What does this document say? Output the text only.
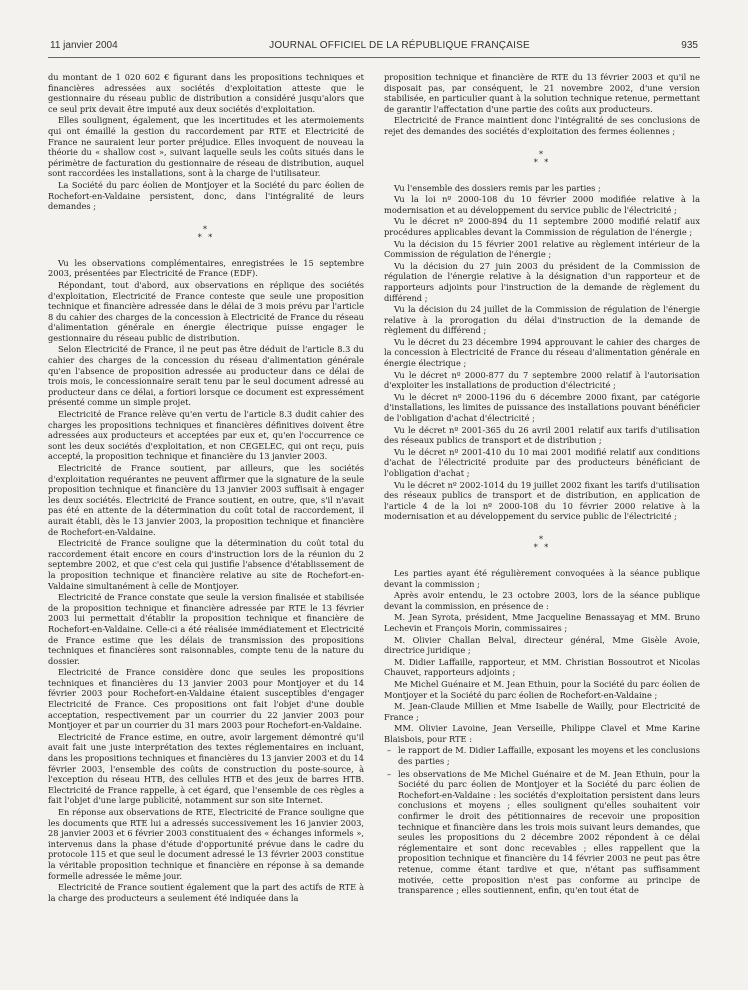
11 janvier 2004	JOURNAL OFFICIEL DE LA RÉPUBLIQUE FRANÇAISE	935

du montant de 1 020 602 € figurant dans les propositions techniques et financières adressées aux sociétés d'exploitation atteste que le gestionnaire du réseau public de distribution a considéré jusqu'alors que ce seul prix devait être imputé aux deux sociétés d'exploitation.

Elles soulignent, également, que les incertitudes et les atermoiements qui ont émaillé la gestion du raccordement par RTE et Electricité de France ne sauraient leur porter préjudice. Elles invoquent de nouveau la théorie du « shallow cost », suivant laquelle seuls les coûts situés dans le périmètre de facturation du gestionnaire de réseau de distribution, auquel sont raccordées les installations, sont à la charge de l'utilisateur.

La Société du parc éolien de Montjoyer et la Société du parc éolien de Rochefort-en-Valdaine persistent, donc, dans l'intégralité de leurs demandes ;

*
* *

Vu les observations complémentaires, enregistrées le 15 septembre 2003, présentées par Electricité de France (EDF).

Répondant, tout d'abord, aux observations en réplique des sociétés d'exploitation, Electricité de France conteste que seule une proposition technique et financière adressée dans le délai de 3 mois prévu par l'article 8 du cahier des charges de la concession à Electricité de France du réseau d'alimentation générale en énergie électrique puisse engager le gestionnaire du réseau public de distribution.

Selon Electricité de France, il ne peut pas être déduit de l'article 8.3 du cahier des charges de la concession du réseau d'alimentation générale qu'en l'absence de proposition adressée au producteur dans ce délai de trois mois, le concessionnaire serait tenu par le seul document adressé au producteur dans ce délai, a fortiori lorsque ce document est expressément présenté comme un simple projet.

Electricité de France relève qu'en vertu de l'article 8.3 dudit cahier des charges les propositions techniques et financières définitives doivent être adressées aux producteurs et acceptées par eux et, qu'en l'occurrence ce sont les deux sociétés d'exploitation, et non CEGELEC, qui ont reçu, puis accepté, la proposition technique et financière du 13 janvier 2003.

Electricité de France soutient, par ailleurs, que les sociétés d'exploitation requérantes ne peuvent affirmer que la signature de la seule proposition technique et financière du 13 janvier 2003 suffisait à engager les deux sociétés. Electricité de France soutient, en outre, que, s'il n'avait pas été en attente de la détermination du coût total de raccordement, il aurait établi, dès le 13 janvier 2003, la proposition technique et financière de Rochefort-en-Valdaine.

Electricité de France souligne que la détermination du coût total du raccordement était encore en cours d'instruction lors de la réunion du 2 septembre 2002, et que c'est cela qui justifie l'absence d'établissement de la proposition technique et financière relative au site de Rochefort-en-Valdaine simultanément à celle de Montjoyer.

Electricité de France constate que seule la version finalisée et stabilisée de la proposition technique et financière adressée par RTE le 13 février 2003 lui permettait d'établir la proposition technique et financière de Rochefort-en-Valdaine. Celle-ci a été réalisée immédiatement et Electricité de France estime que les délais de transmission des propositions techniques et financières sont raisonnables, compte tenu de la nature du dossier.

Electricité de France considère donc que seules les propositions techniques et financières du 13 janvier 2003 pour Montjoyer et du 14 février 2003 pour Rochefort-en-Valdaine étaient susceptibles d'engager Electricité de France. Ces propositions ont fait l'objet d'une double acceptation, respectivement par un courrier du 22 janvier 2003 pour Montjoyer et par un courrier du 31 mars 2003 pour Rochefort-en-Valdaine.

Electricité de France estime, en outre, avoir largement démontré qu'il avait fait une juste interprétation des textes réglementaires en incluant, dans les propositions techniques et financières du 13 janvier 2003 et du 14 février 2003, l'ensemble des coûts de construction du poste-source, à l'exception du réseau HTB, des cellules HTB et des jeux de barres HTB. Electricité de France rappelle, à cet égard, que l'ensemble de ces règles a fait l'objet d'une large publicité, notamment sur son site Internet.

En réponse aux observations de RTE, Electricité de France souligne que les documents que RTE lui a adressés successivement les 16 janvier 2003, 28 janvier 2003 et 6 février 2003 constituaient des « échanges informels », intervenus dans la phase d'étude d'opportunité prévue dans le cadre du protocole 115 et que seul le document adressé le 13 février 2003 constitue la véritable proposition technique et financière en réponse à sa demande formelle adressée le même jour.

Electricité de France soutient également que la part des actifs de RTE à la charge des producteurs a seulement été indiquée dans la

proposition technique et financière de RTE du 13 février 2003 et qu'il ne disposait pas, par conséquent, le 21 novembre 2002, d'une version stabilisée, en particulier quant à la solution technique retenue, permettant de garantir l'affectation d'une partie des coûts aux producteurs.

Electricité de France maintient donc l'intégralité de ses conclusions de rejet des demandes des sociétés d'exploitation des fermes éoliennes ;

*
* *

Vu l'ensemble des dossiers remis par les parties ;

Vu la loi nº 2000-108 du 10 février 2000 modifiée relative à la modernisation et au développement du service public de l'électricité ;

Vu le décret nº 2000-894 du 11 septembre 2000 modifié relatif aux procédures applicables devant la Commission de régulation de l'énergie ;

Vu la décision du 15 février 2001 relative au règlement intérieur de la Commission de régulation de l'énergie ;

Vu la décision du 27 juin 2003 du président de la Commission de régulation de l'énergie relative à la désignation d'un rapporteur et de rapporteurs adjoints pour l'instruction de la demande de règlement du différend ;

Vu la décision du 24 juillet de la Commission de régulation de l'énergie relative à la prorogation du délai d'instruction de la demande de règlement du différend ;

Vu le décret du 23 décembre 1994 approuvant le cahier des charges de la concession à Electricité de France du réseau d'alimentation générale en énergie électrique ;

Vu le décret nº 2000-877 du 7 septembre 2000 relatif à l'autorisation d'exploiter les installations de production d'électricité ;

Vu le décret nº 2000-1196 du 6 décembre 2000 fixant, par catégorie d'installations, les limites de puissance des installations pouvant bénéficier de l'obligation d'achat d'électricité ;

Vu le décret nº 2001-365 du 26 avril 2001 relatif aux tarifs d'utilisation des réseaux publics de transport et de distribution ;

Vu le décret nº 2001-410 du 10 mai 2001 modifié relatif aux conditions d'achat de l'électricité produite par des producteurs bénéficiant de l'obligation d'achat ;

Vu le décret nº 2002-1014 du 19 juillet 2002 fixant les tarifs d'utilisation des réseaux publics de transport et de distribution, en application de l'article 4 de la loi nº 2000-108 du 10 février 2000 relative à la modernisation et au développement du service public de l'électricité ;

*
* *

Les parties ayant été régulièrement convoquées à la séance publique devant la commission ;

Après avoir entendu, le 23 octobre 2003, lors de la séance publique devant la commission, en présence de :

M. Jean Syrota, président, Mme Jacqueline Benassayag et MM. Bruno Lechevin et François Morin, commissaires ;

M. Olivier Challan Belval, directeur général, Mme Gisèle Avoie, directrice juridique ;

M. Didier Laffaille, rapporteur, et MM. Christian Bossoutrot et Nicolas Chauvet, rapporteurs adjoints ;

Me Michel Guénaire et M. Jean Ethuin, pour la Société du parc éolien de Montjoyer et la Société du parc éolien de Rochefort-en-Valdaine ;

M. Jean-Claude Millien et Mme Isabelle de Wailly, pour Electricité de France ;

MM. Olivier Lavoine, Jean Verseille, Philippe Clavel et Mme Karine Blaisbois, pour RTE :

– le rapport de M. Didier Laffaille, exposant les moyens et les conclusions des parties ;
– les observations de Me Michel Guénaire et de M. Jean Ethuin, pour la Société du parc éolien de Montjoyer et la Société du parc éolien de Rochefort-en-Valdaine : les sociétés d'exploitation persistent dans leurs conclusions et moyens ; elles soulignent qu'elles souhaitent voir confirmer le droit des pétitionnaires de recevoir une proposition technique et financière dans les trois mois suivant leurs demandes, que seules les propositions du 2 décembre 2002 répondent à ce délai réglementaire et sont donc recevables ; elles rappellent que la proposition technique et financière du 14 février 2003 ne peut pas être retenue, comme étant tardive et que, n'étant pas suffisamment motivée, cette proposition n'est pas conforme au principe de transparence ; elles soutiennent, enfin, qu'en tout état de
